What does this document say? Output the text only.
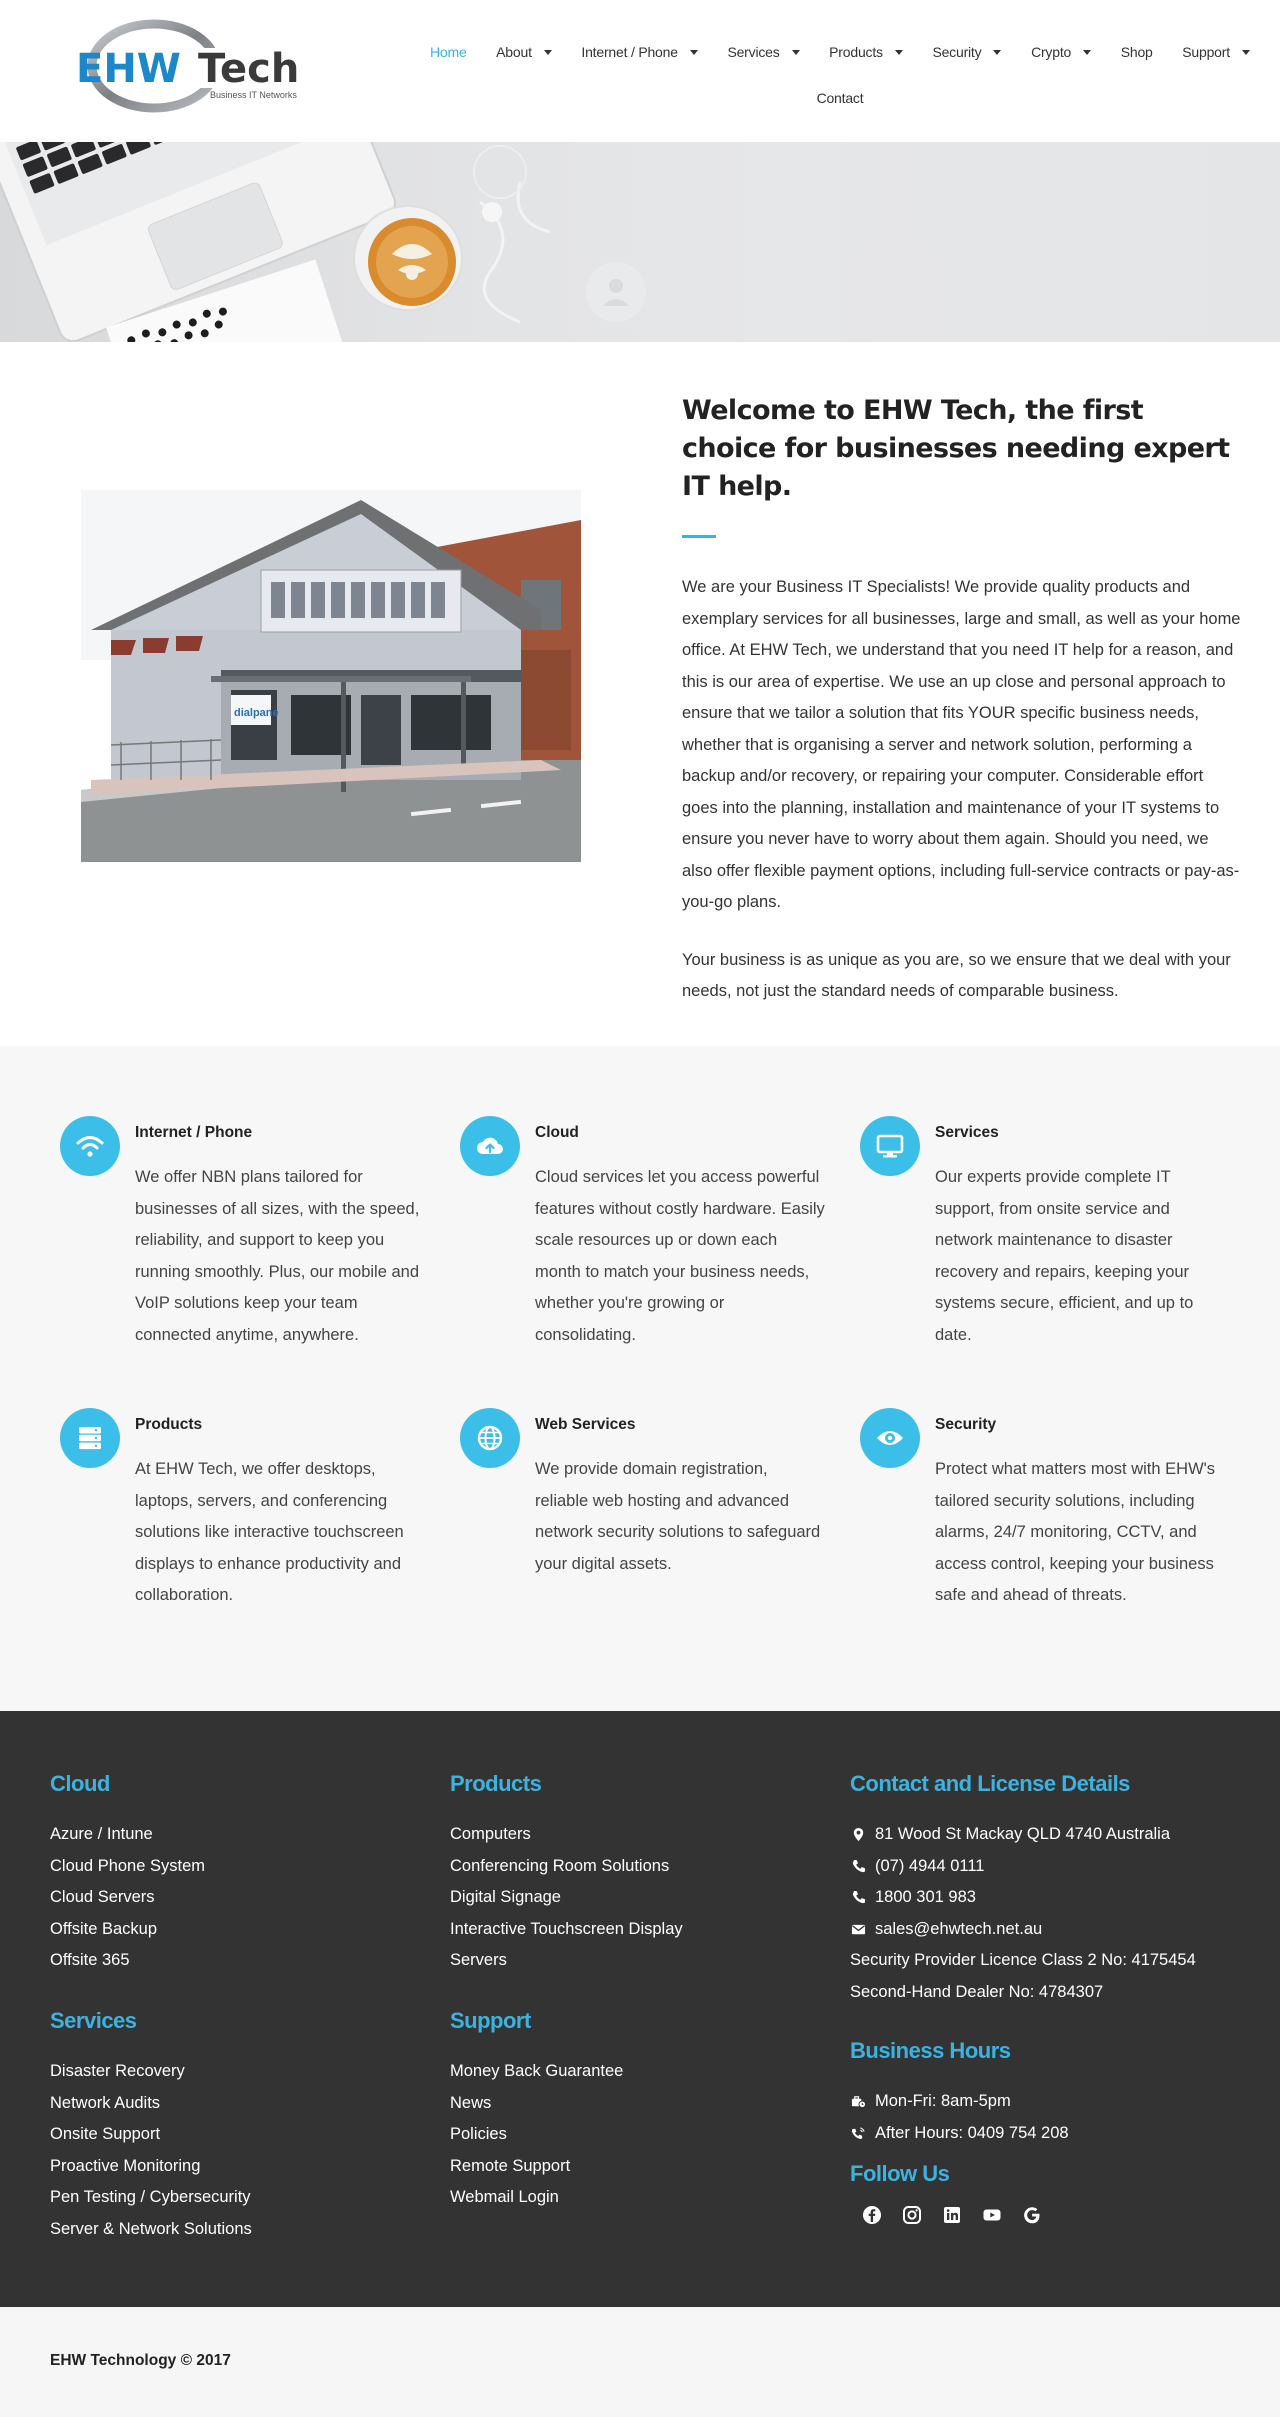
EHW Tech
Business IT Networks
Home About	Internet / Phone	Services	Products	Security	Crypto	Shop Support
Contact
dialpane
Welcome to EHW Tech, the first choice for businesses needing expert IT help.

We are your Business IT Specialists! We provide quality products and exemplary services for all businesses, large and small, as well as your home office. At EHW Tech, we understand that you need IT help for a reason, and this is our area of expertise. We use an up close and personal approach to ensure that we tailor a solution that fits YOUR specific business needs, whether that is organising a server and network solution, performing a backup and/or recovery, or repairing your computer. Considerable effort goes into the planning, installation and maintenance of your IT systems to ensure you never have to worry about them again. Should you need, we also offer flexible payment options, including full-service contracts or pay-as-you-go plans.

Your business is as unique as you are, so we ensure that we deal with your needs, not just the standard needs of comparable business.

Internet / Phone
We offer NBN plans tailored for businesses of all sizes, with the speed, reliability, and support to keep you running smoothly. Plus, our mobile and VoIP solutions keep your team connected anytime, anywhere.
Cloud
Cloud services let you access powerful features without costly hardware. Easily scale resources up or down each month to match your business needs, whether you're growing or consolidating.
Services
Our experts provide complete IT support, from onsite service and network maintenance to disaster recovery and repairs, keeping your systems secure, efficient, and up to date.
Products
At EHW Tech, we offer desktops, laptops, servers, and conferencing solutions like interactive touchscreen displays to enhance productivity and collaboration.
Web Services
We provide domain registration, reliable web hosting and advanced network security solutions to safeguard your digital assets.
Security
Protect what matters most with EHW's tailored security solutions, including alarms, 24/7 monitoring, CCTV, and access control, keeping your business safe and ahead of threats.
Cloud
Azure / Intune
Cloud Phone System
Cloud Servers
Offsite Backup
Offsite 365
Services
Disaster Recovery
Network Audits
Onsite Support
Proactive Monitoring
Pen Testing / Cybersecurity
Server & Network Solutions
Products
Computers
Conferencing Room Solutions
Digital Signage
Interactive Touchscreen Display
Servers
Support
Money Back Guarantee
News
Policies
Remote Support
Webmail Login
Contact and License Details
81 Wood St Mackay QLD 4740 Australia
(07) 4944 0111
1800 301 983
sales@ehwtech.net.au
Security Provider Licence Class 2 No: 4175454
Second-Hand Dealer No: 4784307
Business Hours
Mon-Fri: 8am-5pm
After Hours: 0409 754 208
Follow Us
EHW Technology © 2017
